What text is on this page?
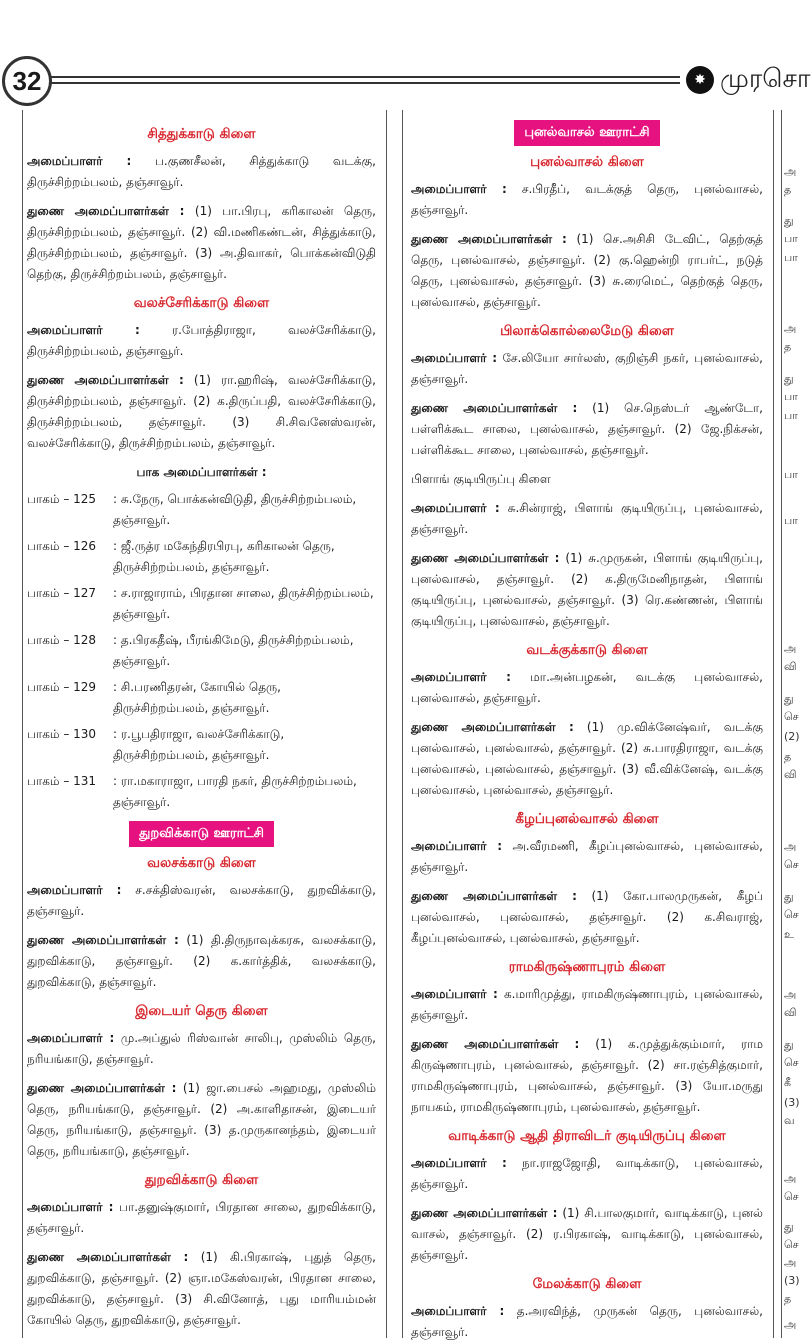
32	✸ முரசொ
சித்துக்காடு கிளை

அமைப்பாளர் : ப.குணசீலன், சித்துக்காடு வடக்கு, திருச்சிற்றம்பலம், தஞ்சாவூர்.

துணை அமைப்பாளர்கள் : (1) பா.பிரபு, கரிகாலன் தெரு, திருச்சிற்றம்பலம், தஞ்சாவூர். (2) வி.மணிகண்டன், சித்துக்காடு, திருச்சிற்றம்பலம், தஞ்சாவூர். (3) அ.திவாகர், பொக்கன்விடுதி தெற்கு, திருச்சிற்றம்பலம், தஞ்சாவூர்.

வலச்சேரிக்காடு கிளை

அமைப்பாளர் :	ர.போத்திராஜா, வலச்சேரிக்காடு, திருச்சிற்றம்பலம், தஞ்சாவூர்.

துணை அமைப்பாளர்கள் : (1) ரா.ஹரிஷ், வலச்சேரிக்காடு, திருச்சிற்றம்பலம், தஞ்சாவூர். (2) க.திருப்பதி, வலச்சேரிக்காடு, திருச்சிற்றம்பலம், தஞ்சாவூர். (3) சி.சிவனேஸ்வரன், வலச்சேரிக்காடு, திருச்சிற்றம்பலம், தஞ்சாவூர்.

பாக அமைப்பாளர்கள் :
பாகம் – 125	: சு.நேரு, பொக்கன்விடுதி, திருச்சிற்றம்பலம், தஞ்சாவூர்.
பாகம் – 126	: ஜீ.ருத்ர மகேந்திரபிரபு, கரிகாலன் தெரு, திருச்சிற்றம்பலம், தஞ்சாவூர்.
பாகம் – 127	: ச.ராஜாராம், பிரதான சாலை, திருச்சிற்றம்பலம், தஞ்சாவூர்.
பாகம் – 128	: த.பிரகதீஷ், பீரங்கிமேடு, திருச்சிற்றம்பலம், தஞ்சாவூர்.
பாகம் – 129	: சி.பரணிதரன், கோயில் தெரு, திருச்சிற்றம்பலம், தஞ்சாவூர்.
பாகம் – 130	: ர.பூபதிராஜா, வலச்சேரிக்காடு, திருச்சிற்றம்பலம், தஞ்சாவூர்.
பாகம் – 131	: ரா.மகாராஜா, பாரதி நகர், திருச்சிற்றம்பலம், தஞ்சாவூர்.
துறவிக்காடு ஊராட்சி
வலசக்காடு கிளை

அமைப்பாளர் : ச.சக்திஸ்வரன், வலசக்காடு, துறவிக்காடு, தஞ்சாவூர்.

துணை அமைப்பாளர்கள் : (1) தி.திருநாவுக்கரசு, வலசக்காடு, துறவிக்காடு, தஞ்சாவூர். (2) க.கார்த்திக், வலசக்காடு, துறவிக்காடு, தஞ்சாவூர்.

இடையர் தெரு கிளை

அமைப்பாளர் : மு.அப்துல் ரிஸ்வான் சாலிபு, முஸ்லிம் தெரு, நரியங்காடு, தஞ்சாவூர்.

துணை அமைப்பாளர்கள் : (1) ஜா.பைசல் அஹமது, முஸ்லிம் தெரு, நரியங்காடு, தஞ்சாவூர். (2) அ.காளிதாசன், இடையர் தெரு, நரியங்காடு, தஞ்சாவூர். (3) த.முருகானந்தம், இடையர் தெரு, நரியங்காடு, தஞ்சாவூர்.

துறவிக்காடு கிளை

அமைப்பாளர் : பா.தனுஷ்குமார், பிரதான சாலை, துறவிக்காடு, தஞ்சாவூர்.

துணை அமைப்பாளர்கள் : (1) கி.பிரகாஷ், புதுத் தெரு, துறவிக்காடு, தஞ்சாவூர். (2) ஞா.மகேஸ்வரன், பிரதான சாலை, துறவிக்காடு, தஞ்சாவூர். (3) சி.வினோத், புது மாரியம்மன் கோயில் தெரு, துறவிக்காடு, தஞ்சாவூர்.

புனல்வாசல் ஊராட்சி
புனல்வாசல் கிளை

அமைப்பாளர் : ச.பிரதீப், வடக்குத் தெரு, புனல்வாசல், தஞ்சாவூர்.

துணை அமைப்பாளர்கள் : (1) செ.அசிசி டேவிட், தெற்குத் தெரு, புனல்வாசல், தஞ்சாவூர். (2) கு.ஹென்றி ராபர்ட், நடுத் தெரு, புனல்வாசல், தஞ்சாவூர். (3) சு.ரைமெட், தெற்குத் தெரு, புனல்வாசல், தஞ்சாவூர்.

பிலாக்கொல்லைமேடு கிளை

அமைப்பாளர் : சே.லியோ சார்லஸ், குறிஞ்சி நகர், புனல்வாசல், தஞ்சாவூர்.

துணை அமைப்பாளர்கள் : (1) செ.நெஸ்டர் ஆண்டோ, பள்ளிக்கூட சாலை, புனல்வாசல், தஞ்சாவூர். (2) ஜே.நிக்சன், பள்ளிக்கூட சாலை, புனல்வாசல், தஞ்சாவூர்.

பிளாங் குடியிருப்பு கிளை

அமைப்பாளர் : சு.சின்ராஜ், பிளாங் குடியிருப்பு, புனல்வாசல், தஞ்சாவூர்.

துணை அமைப்பாளர்கள் : (1) சு.முருகன், பிளாங் குடியிருப்பு, புனல்வாசல், தஞ்சாவூர். (2) க.திருமேனிநாதன், பிளாங் குடியிருப்பு, புனல்வாசல், தஞ்சாவூர். (3) ரெ.கண்ணன், பிளாங் குடியிருப்பு, புனல்வாசல், தஞ்சாவூர்.

வடக்குக்காடு கிளை

அமைப்பாளர் : மா.அன்பழகன், வடக்கு புனல்வாசல், புனல்வாசல், தஞ்சாவூர்.

துணை அமைப்பாளர்கள் : (1) மு.விக்னேஷ்வர், வடக்கு புனல்வாசல், புனல்வாசல், தஞ்சாவூர். (2) சு.பாரதிராஜா, வடக்கு புனல்வாசல், புனல்வாசல், தஞ்சாவூர். (3) வீ.விக்னேஷ், வடக்கு புனல்வாசல், புனல்வாசல், தஞ்சாவூர்.

கீழப்புனல்வாசல் கிளை

அமைப்பாளர் : அ.வீரமணி, கீழப்புனல்வாசல், புனல்வாசல், தஞ்சாவூர்.

துணை அமைப்பாளர்கள் : (1) கோ.பாலமுருகன், கீழப் புனல்வாசல், புனல்வாசல், தஞ்சாவூர். (2) க.சிவராஜ், கீழப்புனல்வாசல், புனல்வாசல், தஞ்சாவூர்.

ராமகிருஷ்ணாபுரம் கிளை

அமைப்பாளர் : க.மாரிமுத்து, ராமகிருஷ்ணாபுரம், புனல்வாசல், தஞ்சாவூர்.

துணை அமைப்பாளர்கள் : (1) க.முத்துக்கும்மார், ராம கிருஷ்ணாபுரம், புனல்வாசல், தஞ்சாவூர். (2) சா.ரஞ்சித்குமார், ராமகிருஷ்ணாபுரம், புனல்வாசல், தஞ்சாவூர். (3) யோ.மருது நாயகம், ராமகிருஷ்ணாபுரம், புனல்வாசல், தஞ்சாவூர்.

வாடிக்காடு ஆதி திராவிடர் குடியிருப்பு கிளை

அமைப்பாளர் : நா.ராஜஜோதி, வாடிக்காடு, புனல்வாசல், தஞ்சாவூர்.

துணை அமைப்பாளர்கள் : (1) சி.பாலகுமார், வாடிக்காடு, புனல் வாசல், தஞ்சாவூர். (2) ர.பிரகாஷ், வாடிக்காடு, புனல்வாசல், தஞ்சாவூர்.

மேலக்காடு கிளை

அமைப்பாளர் : த.அரவிந்த், முருகன் தெரு, புனல்வாசல், தஞ்சாவூர்.

அ
த
து
பா
பா
அ
த
து
பா
பா
பா
பா
அ
வி
து
செ
(2)
த
வி
அ
செ
து
செ
உ
அ
வி
து
செ
கீ
(3)
வ
அ
செ
து
செ
அ
(3)
த
அ
